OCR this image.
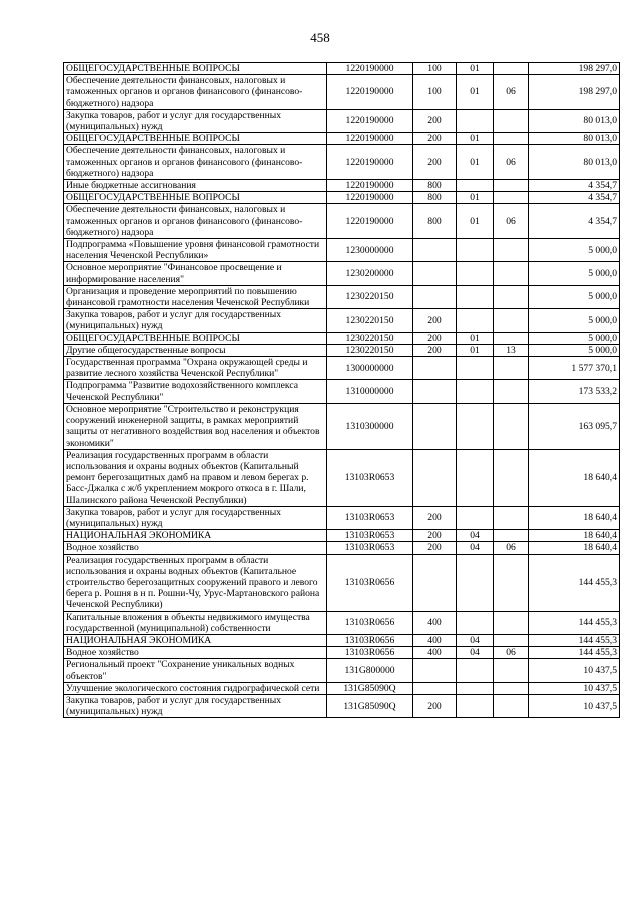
458
ОБЩЕГОСУДАРСТВЕННЫЕ ВОПРОСЫ	1220190000	100	01		198 297,0
Обеспечение деятельности финансовых, налоговых и таможенных органов и органов финансового (финансово-бюджетного) надзора	1220190000	100	01	06	198 297,0
Закупка товаров, работ и услуг для государственных (муниципальных) нужд	1220190000	200			80 013,0
ОБЩЕГОСУДАРСТВЕННЫЕ ВОПРОСЫ	1220190000	200	01		80 013,0
Обеспечение деятельности финансовых, налоговых и таможенных органов и органов финансового (финансово-бюджетного) надзора	1220190000	200	01	06	80 013,0
Иные бюджетные ассигнования	1220190000	800			4 354,7
ОБЩЕГОСУДАРСТВЕННЫЕ ВОПРОСЫ	1220190000	800	01		4 354,7
Обеспечение деятельности финансовых, налоговых и таможенных органов и органов финансового (финансово-бюджетного) надзора	1220190000	800	01	06	4 354,7
Подпрограмма «Повышение уровня финансовой грамотности населения Чеченской Республики»	1230000000				5 000,0
Основное мероприятие "Финансовое просвещение и информирование населения"	1230200000				5 000,0
Организация и проведение мероприятий по повышению финансовой грамотности населения Чеченской Республики	1230220150				5 000,0
Закупка товаров, работ и услуг для государственных (муниципальных) нужд	1230220150	200			5 000,0
ОБЩЕГОСУДАРСТВЕННЫЕ ВОПРОСЫ	1230220150	200	01		5 000,0
Другие общегосударственные вопросы	1230220150	200	01	13	5 000,0
Государственная программа "Охрана окружающей среды и развитие лесного хозяйства Чеченской Республики"	1300000000				1 577 370,1
Подпрограмма "Развитие водохозяйственного комплекса Чеченской Республики"	1310000000				173 533,2
Основное мероприятие "Строительство и реконструкция сооружений инженерной защиты, в рамках мероприятий защиты от негативного воздействия вод населения и объектов экономики"	1310300000				163 095,7
Реализация государственных программ в области использования и охраны водных объектов (Капитальный ремонт берегозащитных дамб на правом и левом берегах р. Басс-Джалка с ж/б укреплением мокрого откоса в г. Шали, Шалинского района Чеченской Республики)	13103R0653				18 640,4
Закупка товаров, работ и услуг для государственных (муниципальных) нужд	13103R0653	200			18 640,4
НАЦИОНАЛЬНАЯ ЭКОНОМИКА	13103R0653	200	04		18 640,4
Водное хозяйство	13103R0653	200	04	06	18 640,4
Реализация государственных программ в области использования и охраны водных объектов (Капитальное строительство берегозащитных сооружений правого и левого берега р. Рошня в н п. Рошни-Чу, Урус-Мартановского района Чеченской Республики)	13103R0656				144 455,3
Капитальные вложения в объекты недвижимого имущества государственной (муниципальной) собственности	13103R0656	400			144 455,3
НАЦИОНАЛЬНАЯ ЭКОНОМИКА	13103R0656	400	04		144 455,3
Водное хозяйство	13103R0656	400	04	06	144 455,3
Региональный проект "Сохранение уникальных водных объектов"	131G800000				10 437,5
Улучшение экологического состояния гидрографической сети	131G85090Q				10 437,5
Закупка товаров, работ и услуг для государственных (муниципальных) нужд	131G85090Q	200			10 437,5
